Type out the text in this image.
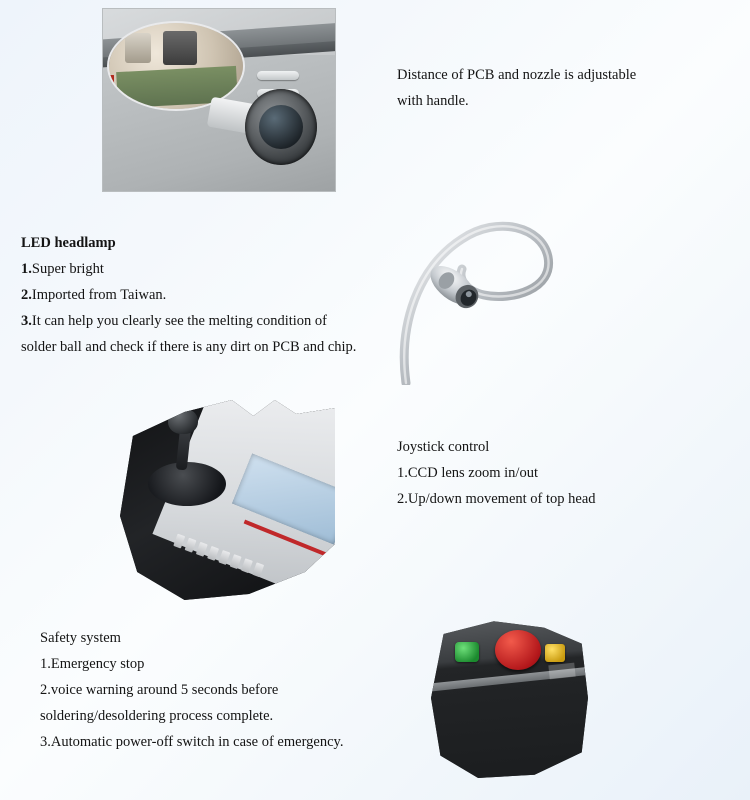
Distance of PCB and nozzle is adjustable
with handle.
LED headlamp
1.Super bright
2.Imported from Taiwan.
3.It can help you clearly see the melting condition of
solder ball and check if there is any dirt on PCB and chip.
Joystick control
1.CCD lens zoom in/out
2.Up/down movement of top head
Safety system
1.Emergency stop
2.voice warning around 5 seconds before
soldering/desoldering process complete.
3.Automatic power-off switch in case of emergency.
